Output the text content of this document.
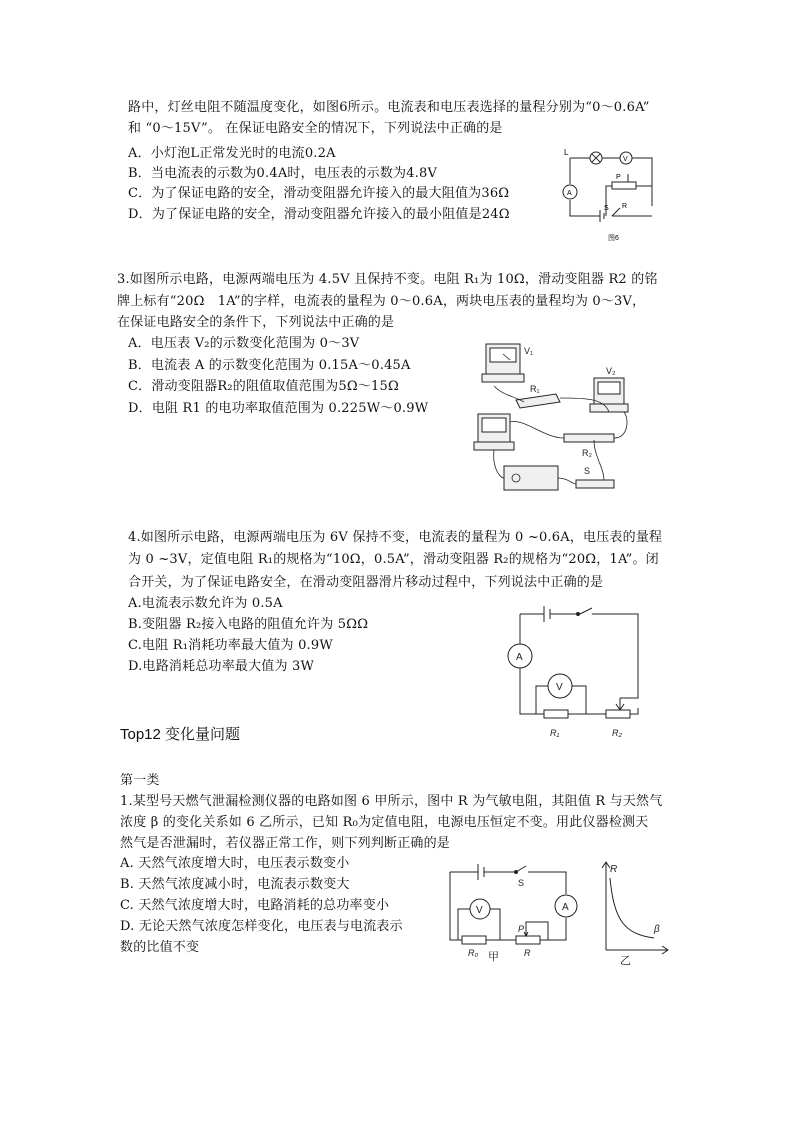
路中，灯丝电阻不随温度变化，如图6所示。电流表和电压表选择的量程分别为“0～0.6A”
和 “0～15V”。 在保证电路安全的情况下，下列说法中正确的是
A．小灯泡L正常发光时的电流0.2A
B．当电流表的示数为0.4A时，电压表的示数为4.8V
C．为了保证电路的安全，滑动变阻器允许接入的最大阻值为36Ω
D．为了保证电路的安全，滑动变阻器允许接入的最小阻值是24Ω
L
V
A
P
S R
图6
3.如图所示电路，电源两端电压为 4.5V 且保持不变。电阻 R₁为 10Ω，滑动变阻器 R2 的铭
牌上标有“20Ω　1A”的字样，电流表的量程为 0～0.6A，两块电压表的量程均为 0～3V，
在保证电路安全的条件下，下列说法中正确的是
A．电压表 V₂的示数变化范围为 0～3V
B．电流表 A 的示数变化范围为 0.15A～0.45A
C．滑动变阻器R₂的阻值取值范围为5Ω～15Ω
D．电阻 R1 的电功率取值范围为 0.225W～0.9W
V₁
V₂
R₁
R₂
S
4.如图所示电路，电源两端电压为 6V 保持不变，电流表的量程为 0 ~0.6A，电压表的量程
为 0 ~3V，定值电阻 R₁的规格为“10Ω，0.5A”，滑动变阻器 R₂的规格为“20Ω，1A”。闭
合开关，为了保证电路安全，在滑动变阻器滑片移动过程中，下列说法中正确的是
A.电流表示数允许为 0.5A
B.变阻器 R₂接入电路的阻值允许为 5ΩΩ
C.电阻 R₁消耗功率最大值为 0.9W
D.电路消耗总功率最大值为 3W
A
V
R₁	R₂
Top12 变化量问题
第一类
1.某型号天燃气泄漏检测仪器的电路如图 6 甲所示，图中 R 为气敏电阻，其阻值 R 与天然气
浓度 β 的变化关系如 6 乙所示，已知 R₀为定值电阻，电源电压恒定不变。用此仪器检测天
然气是否泄漏时，若仪器正常工作，则下列判断正确的是
A. 天然气浓度增大时，电压表示数变小
B. 天然气浓度减小时，电流表示数变大
C. 天然气浓度增大时，电路消耗的总功率变小
D. 无论天然气浓度怎样变化，电压表与电流表示
数的比值不变
S
A
V
P
R₀	R
甲
R
β
乙
